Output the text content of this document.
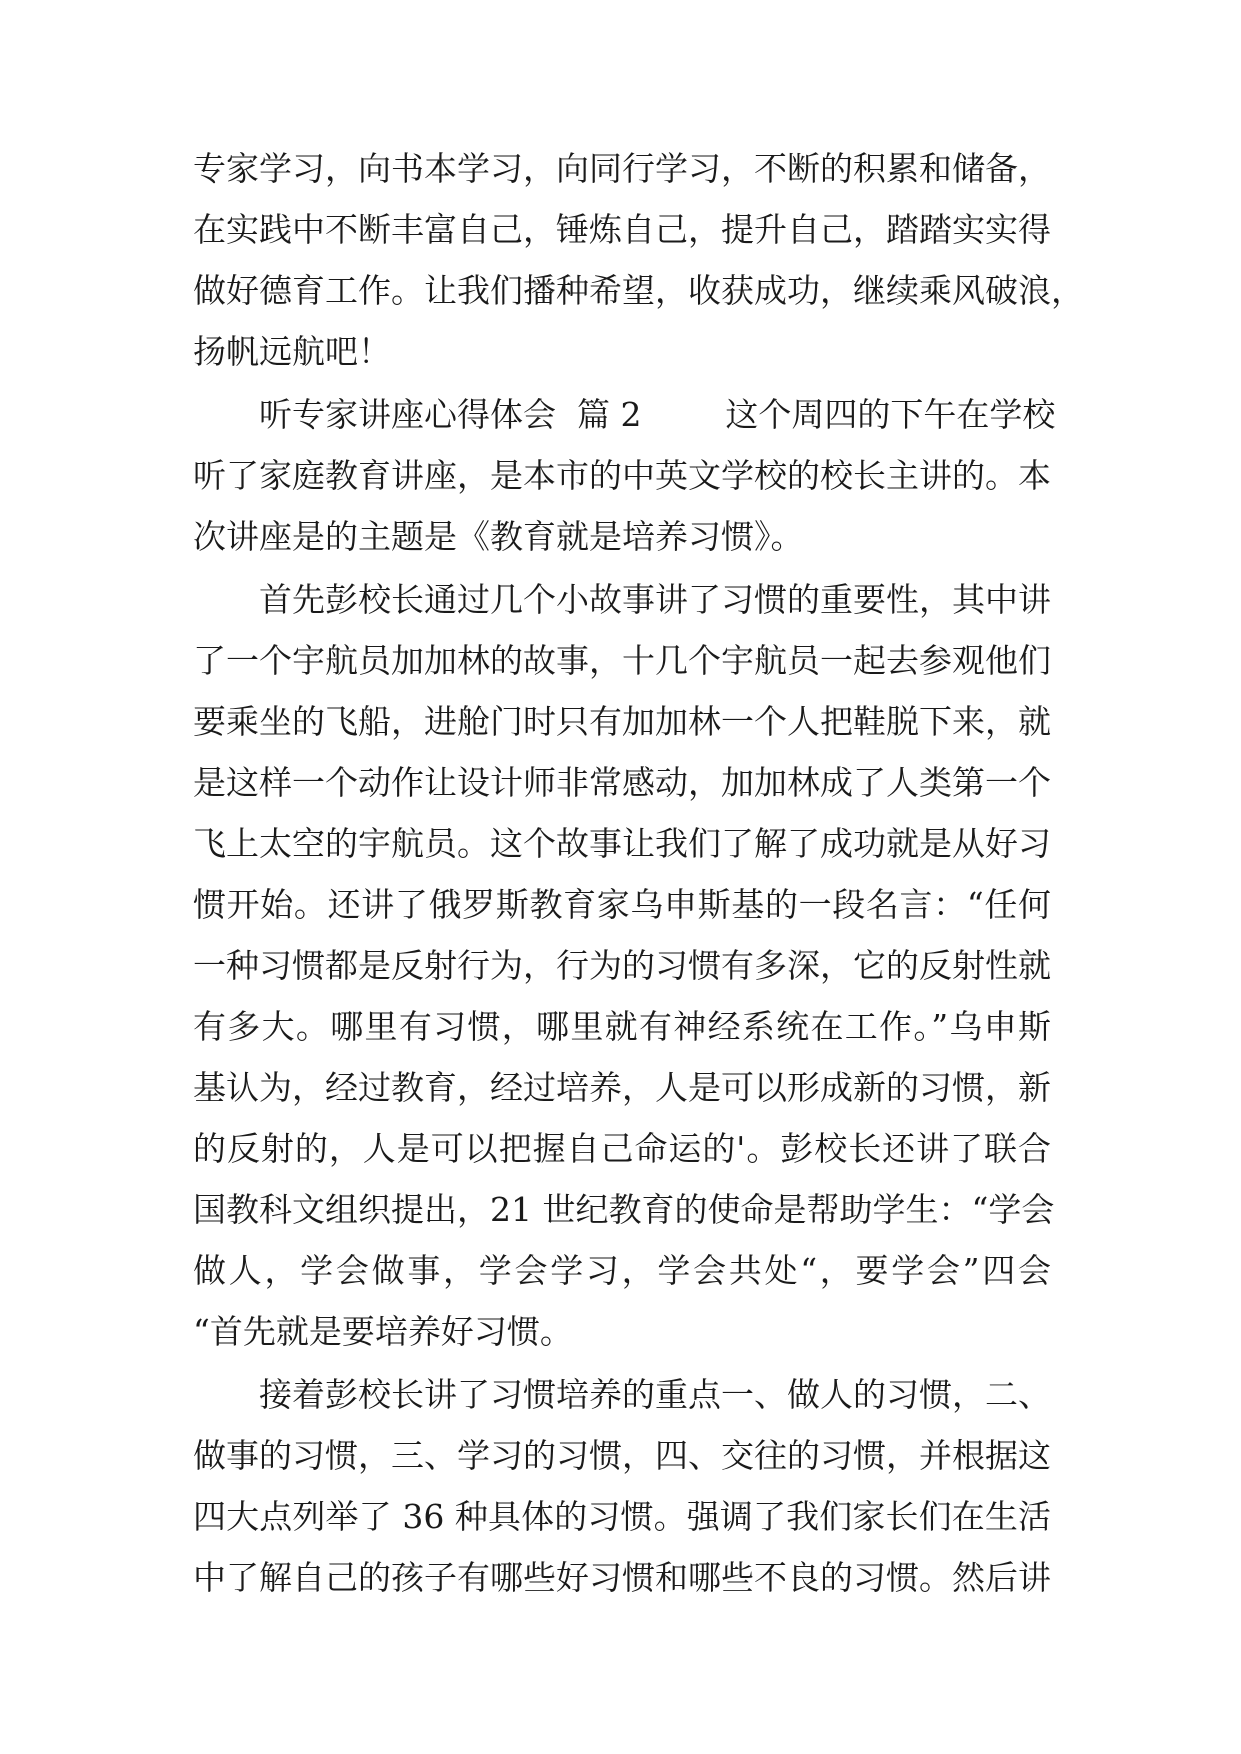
专家学习，向书本学习，向同行学习，不断的积累和储备，
在实践中不断丰富自己，锤炼自己，提升自己，踏踏实实得
做好德育工作。让我们播种希望，收获成功，继续乘风破浪，
扬帆远航吧！
听专家讲座心得体会  篇 2        这个周四的下午在学校
听了家庭教育讲座，是本市的中英文学校的校长主讲的。本
次讲座是的主题是《教育就是培养习惯》。
首先彭校长通过几个小故事讲了习惯的重要性，其中讲
了一个宇航员加加林的故事，十几个宇航员一起去参观他们
要乘坐的飞船，进舱门时只有加加林一个人把鞋脱下来，就
是这样一个动作让设计师非常感动，加加林成了人类第一个
飞上太空的宇航员。这个故事让我们了解了成功就是从好习
惯开始。还讲了俄罗斯教育家乌申斯基的一段名言：“任何
一种习惯都是反射行为，行为的习惯有多深，它的反射性就
有多大。哪里有习惯，哪里就有神经系统在工作。”乌申斯
基认为，经过教育，经过培养，人是可以形成新的习惯，新
的反射的，人是可以把握自己命运的'。彭校长还讲了联合
国教科文组织提出，21 世纪教育的使命是帮助学生：“学会
做人，学会做事，学会学习，学会共处“，要学会”四会
“首先就是要培养好习惯。
接着彭校长讲了习惯培养的重点一、做人的习惯，二、
做事的习惯，三、学习的习惯，四、交往的习惯，并根据这
四大点列举了 36 种具体的习惯。强调了我们家长们在生活
中了解自己的孩子有哪些好习惯和哪些不良的习惯。然后讲
